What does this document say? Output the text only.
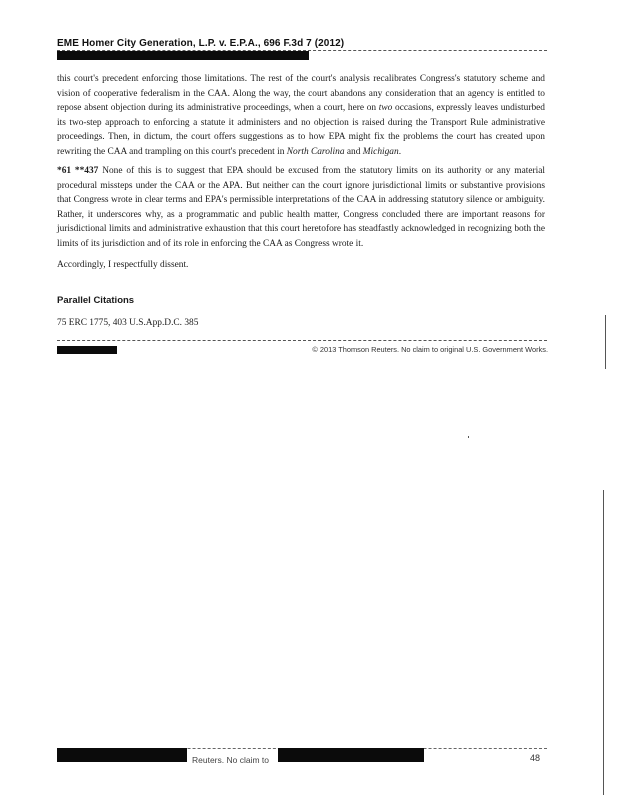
EME Homer City Generation, L.P. v. E.P.A., 696 F.3d 7 (2012)

this court's precedent enforcing those limitations. The rest of the court's analysis recalibrates Congress's statutory scheme and vision of cooperative federalism in the CAA. Along the way, the court abandons any consideration that an agency is entitled to repose absent objection during its administrative proceedings, when a court, here on two occasions, expressly leaves undisturbed its two-step approach to enforcing a statute it administers and no objection is raised during the Transport Rule administrative proceedings. Then, in dictum, the court offers suggestions as to how EPA might fix the problems the court has created upon rewriting the CAA and trampling on this court's precedent in North Carolina and Michigan.

*61 **437 None of this is to suggest that EPA should be excused from the statutory limits on its authority or any material procedural missteps under the CAA or the APA. But neither can the court ignore jurisdictional limits or substantive provisions that Congress wrote in clear terms and EPA's permissible interpretations of the CAA in addressing statutory silence or ambiguity. Rather, it underscores why, as a programmatic and public health matter, Congress concluded there are important reasons for jurisdictional limits and administrative exhaustion that this court heretofore has steadfastly acknowledged in recognizing both the limits of its jurisdiction and of its role in enforcing the CAA as Congress wrote it.

Accordingly, I respectfully dissent.

Parallel Citations
75 ERC 1775, 403 U.S.App.D.C. 385
© 2013 Thomson Reuters. No claim to original U.S. Government Works.
Reuters. No claim to	48
